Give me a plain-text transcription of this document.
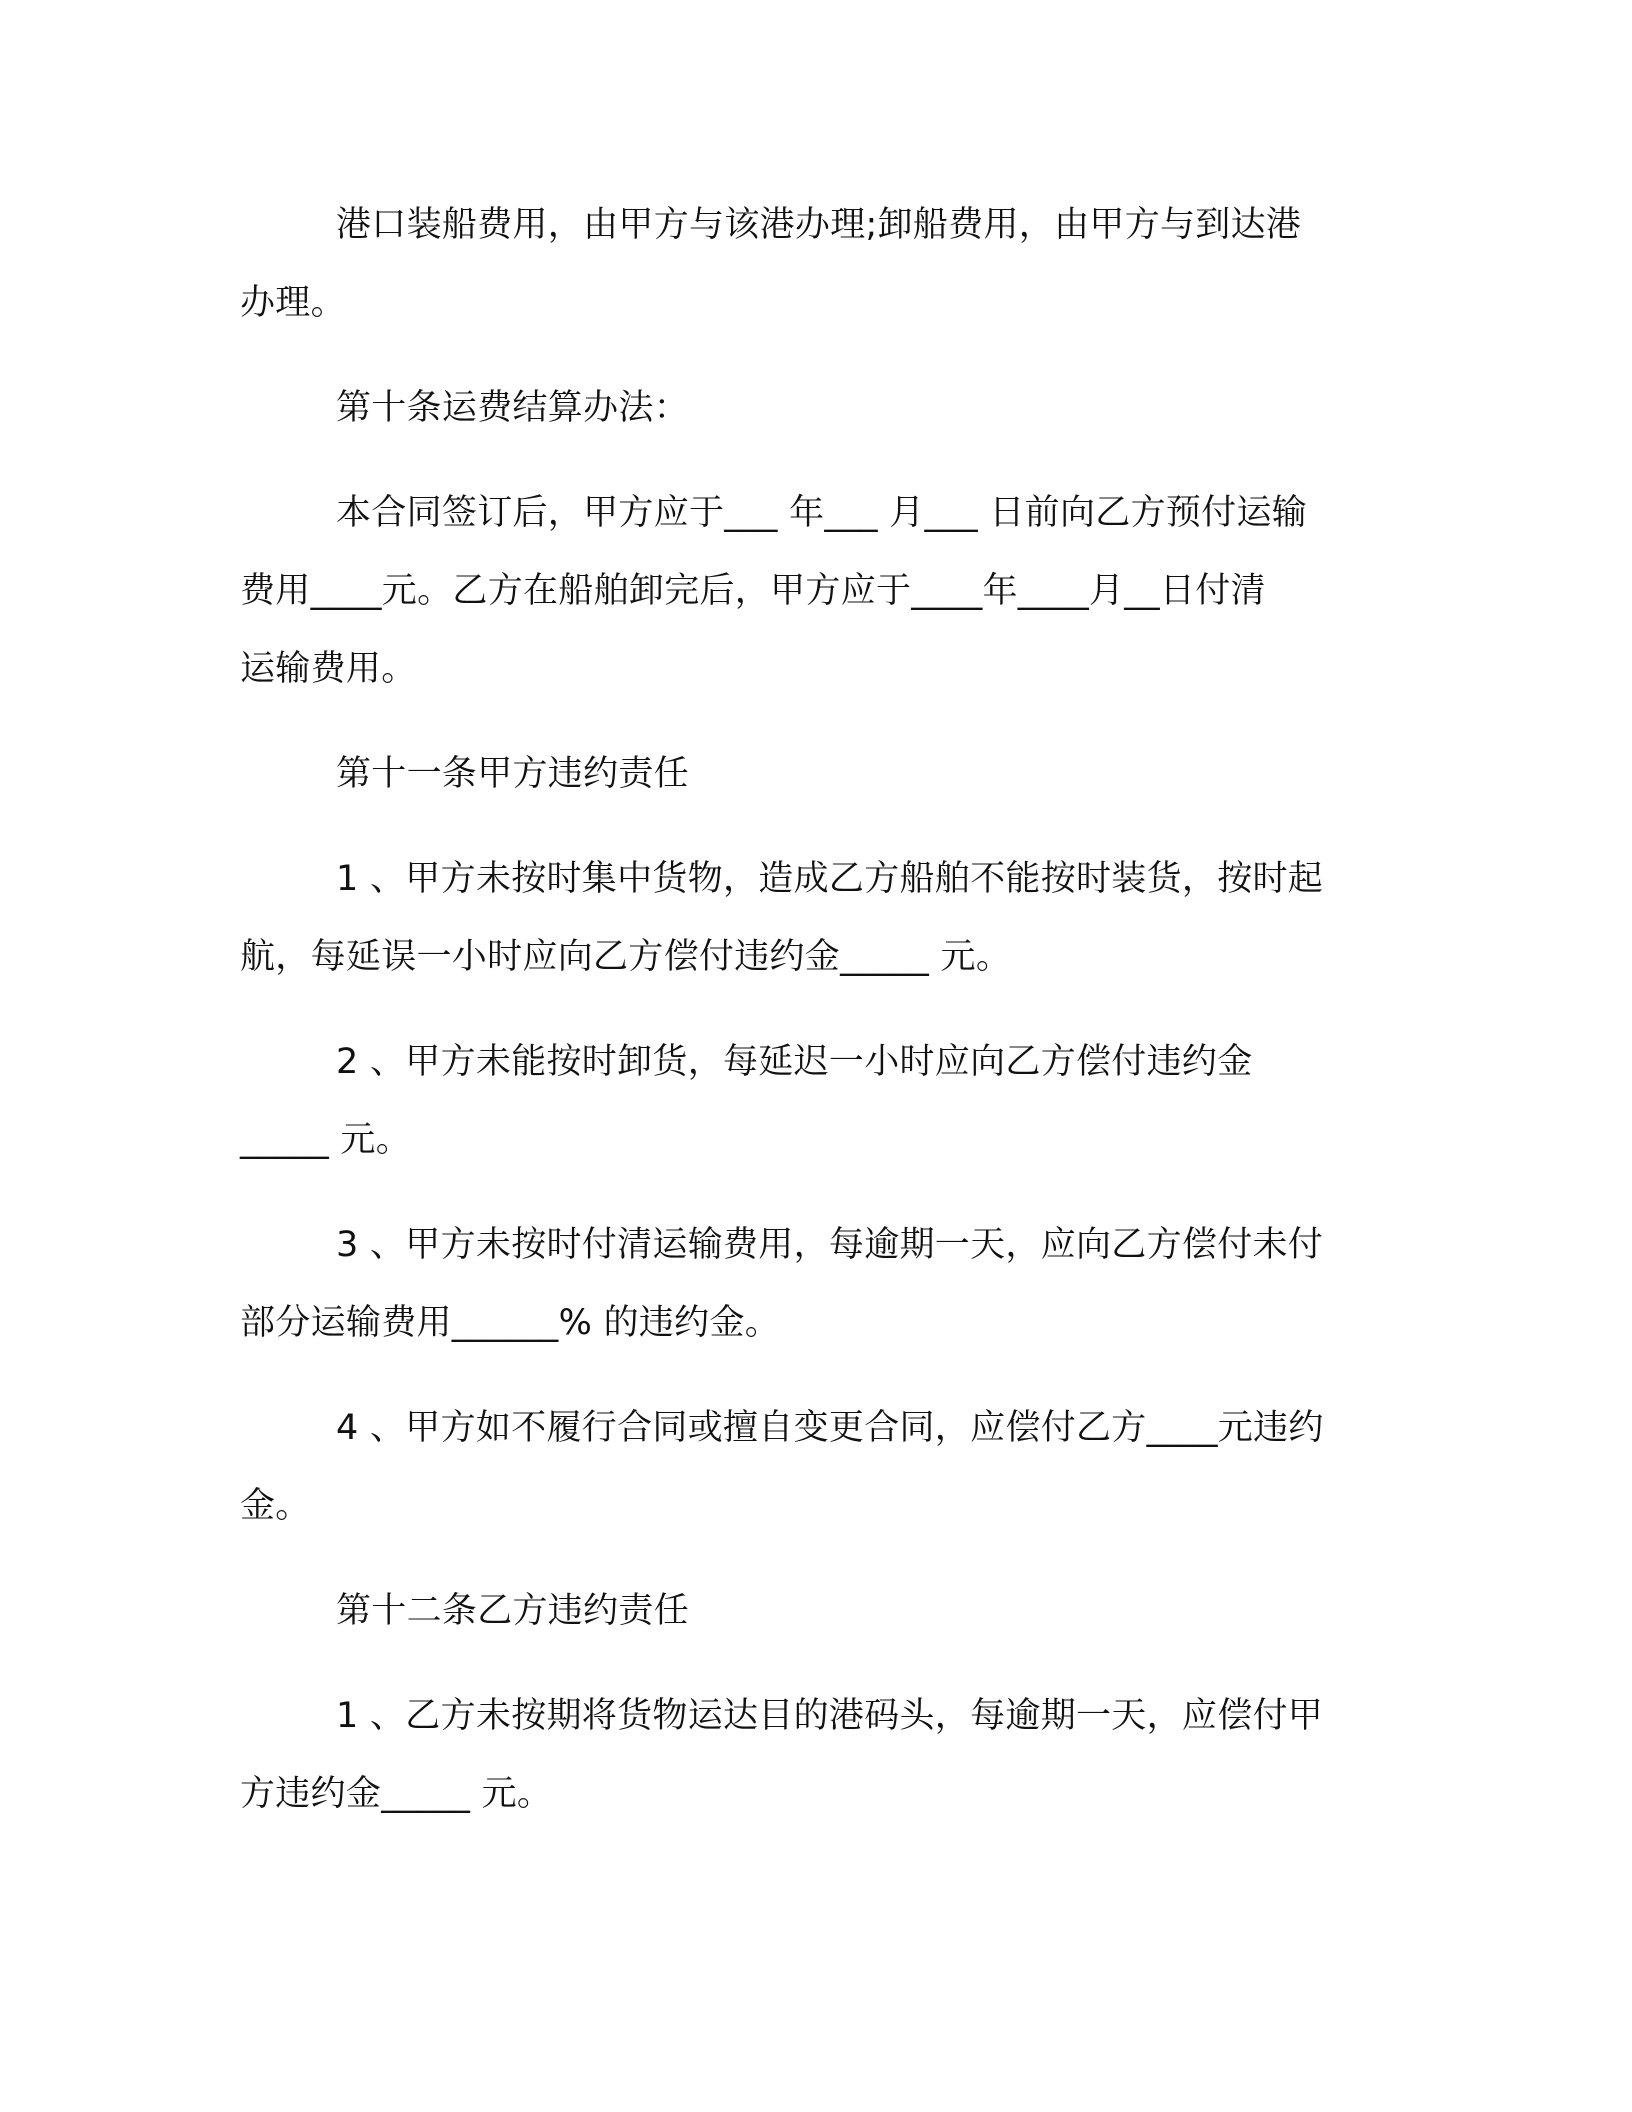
港口装船费用，由甲方与该港办理;卸船费用，由甲方与到达港
办理。
第十条运费结算办法：
本合同签订后，甲方应于___ 年___ 月___ 日前向乙方预付运输
费用____元。乙方在船舶卸完后，甲方应于____年____月__日付清
运输费用。
第十一条甲方违约责任
1 、甲方未按时集中货物，造成乙方船舶不能按时装货，按时起
航，每延误一小时应向乙方偿付违约金_____ 元。
2 、甲方未能按时卸货，每延迟一小时应向乙方偿付违约金
_____ 元。
3 、甲方未按时付清运输费用，每逾期一天，应向乙方偿付未付
部分运输费用______% 的违约金。
4 、甲方如不履行合同或擅自变更合同，应偿付乙方____元违约
金。
第十二条乙方违约责任
1 、乙方未按期将货物运达目的港码头，每逾期一天，应偿付甲
方违约金_____ 元。
